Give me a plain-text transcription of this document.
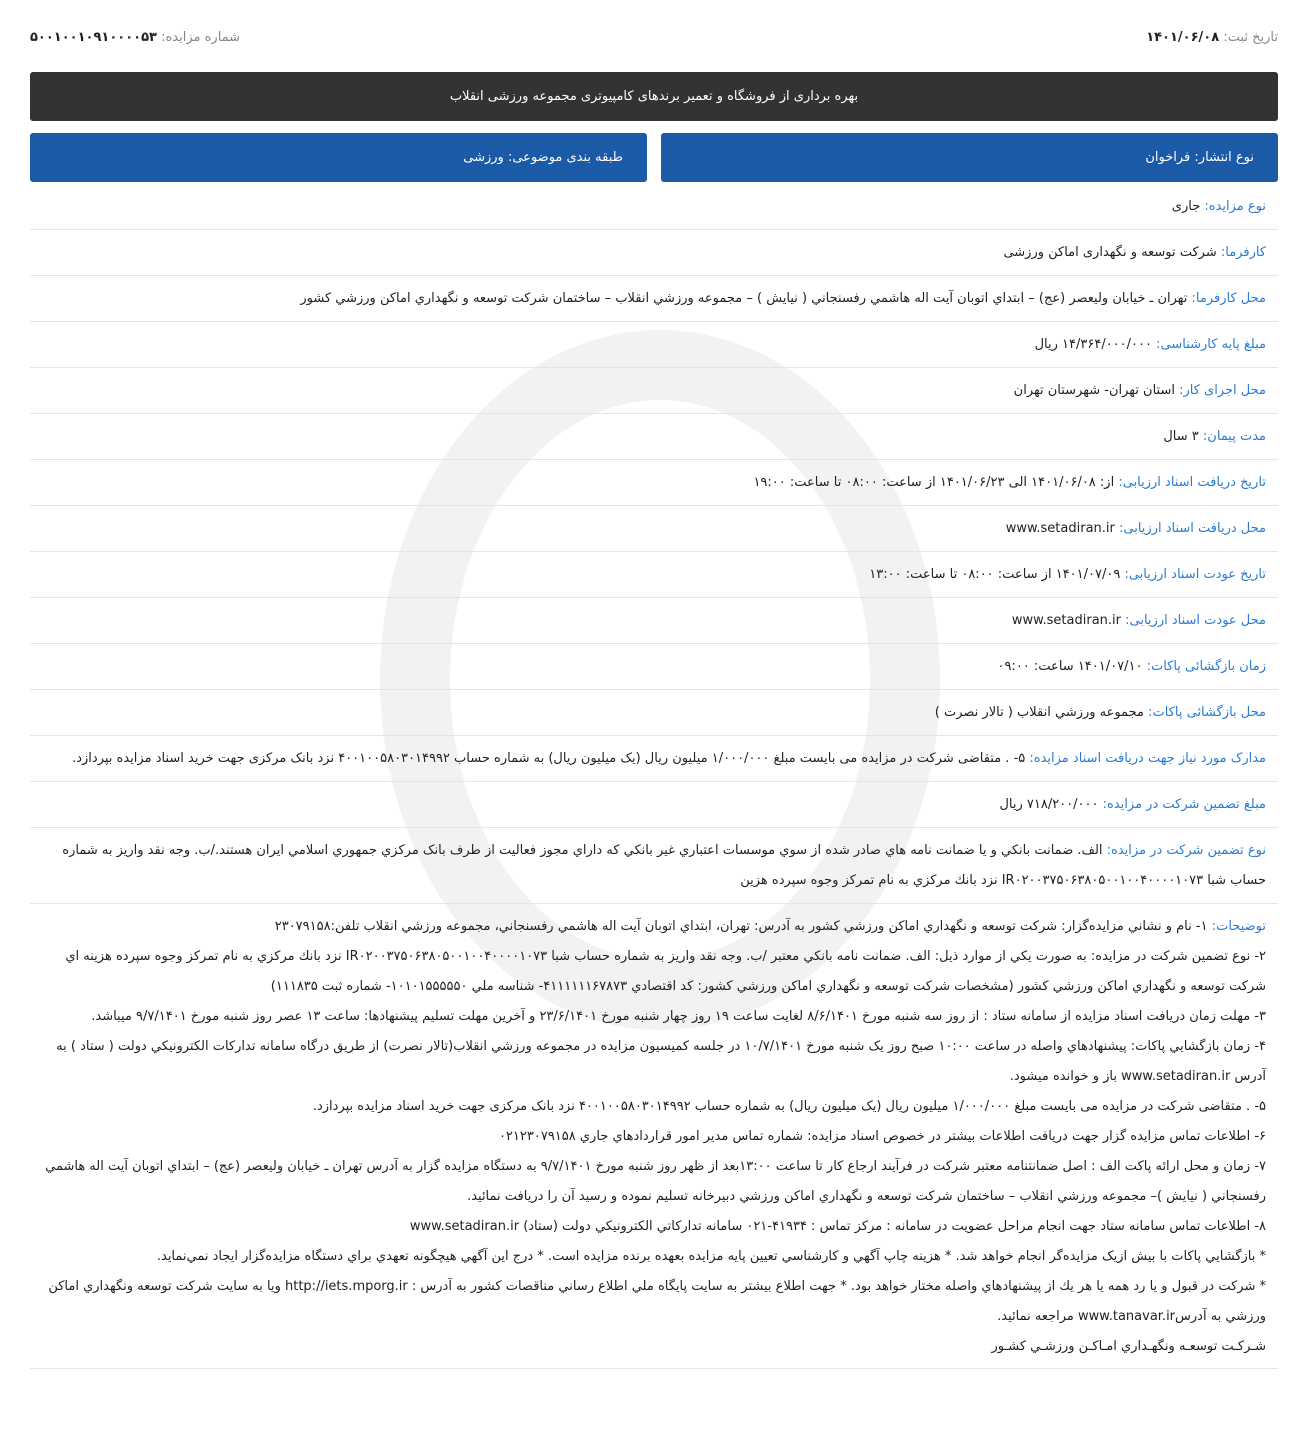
تاریخ ثبت: ۱۴۰۱/۰۶/۰۸
شماره مزایده: ۵۰۰۱۰۰۱۰۹۱۰۰۰۰۵۳
بهره برداری از فروشگاه و تعمیر برندهای کامپیوتری مجموعه ورزشی انقلاب
نوع انتشار: فراخوان
طبقه بندی موضوعی: ورزشی
نوع مزایده: جاری
کارفرما: شرکت توسعه و نگهداری اماکن ورزشی
محل کارفرما: تهران ـ خيابان وليعصر (عج) – ابتداي اتوبان آيت اله هاشمي رفسنجاني ( نيايش ) – مجموعه ورزشي انقلاب – ساختمان شرکت توسعه و نگهداري اماکن ورزشي کشور
مبلغ پایه کارشناسی: ۱۴/۳۶۴/۰۰۰/۰۰۰ ریال
محل اجرای کار: استان تهران- شهرستان تهران
مدت پیمان: ۳ سال
تاریخ دریافت اسناد ارزیابی: از: ۱۴۰۱/۰۶/۰۸ الی ۱۴۰۱/۰۶/۲۳ از ساعت: ۰۸:۰۰ تا ساعت: ۱۹:۰۰
محل دریافت اسناد ارزیابی: www.setadiran.ir
تاریخ عودت اسناد ارزیابی: ۱۴۰۱/۰۷/۰۹ از ساعت: ۰۸:۰۰ تا ساعت: ۱۳:۰۰
محل عودت اسناد ارزیابی: www.setadiran.ir
زمان بازگشائی پاکات: ۱۴۰۱/۰۷/۱۰ ساعت: ۰۹:۰۰
محل بازگشائی پاکات: مجموعه ورزشي انقلاب ( تالار نصرت )
مدارک مورد نیاز جهت دریافت اسناد مزایده: ۵- . متقاضی شرکت در مزایده می بایست مبلغ ۱/۰۰۰/۰۰۰ میلیون ریال (یک میلیون ریال) به شماره حساب ۴۰۰۱۰۰۵۸۰۳۰۱۴۹۹۲ نزد بانک مرکزی جهت خرید اسناد مزایده بپردازد.
مبلغ تضمین شرکت در مزایده: ۷۱۸/۲۰۰/۰۰۰ ریال
نوع تضمین شرکت در مزایده: الف. ضمانت بانکي و يا ضمانت نامه هاي صادر شده از سوي موسسات اعتباري غير بانکي که داراي مجوز فعاليت از طرف بانک مرکزي جمهوري اسلامي ايران هستند./ب. وجه نقد واريز به شماره حساب شبا IR۰۲۰۰۳۷۵۰۶۳۸۰۵۰۰۱۰۰۴۰۰۰۰۱۰۷۳ نزد بانك مركزي به نام تمرکز وجوه سپرده هزين

توضیحات: ۱- نام و نشاني مزايده‌گزار: شرکت توسعه و نگهداري اماکن ورزشي کشور به آدرس: تهران، ابتداي اتوبان آيت اله هاشمي رفسنجاني، مجموعه ورزشي انقلاب تلفن:۲۳۰۷۹۱۵۸

۲- نوع تضمين شرکت در مزايده: به صورت يکي از موارد ذيل: الف. ضمانت نامه بانکي معتبر /ب. وجه نقد واريز به شماره حساب شبا IR۰۲۰۰۳۷۵۰۶۳۸۰۵۰۰۱۰۰۴۰۰۰۰۱۰۷۳ نزد بانك مركزي به نام تمرکز وجوه سپرده هزينه اي شرکت توسعه و نگهداري اماکن ورزشي کشور (مشخصات شرکت توسعه و نگهداري اماکن ورزشي کشور: کد اقتصادي ۴۱۱۱۱۱۱۶۷۸۷۳- شناسه ملي ۱۰۱۰۱۵۵۵۵۵۰- شماره ثبت ۱۱۱۸۳۵)

۳- مهلت زمان دريافت اسناد مزايده از سامانه ستاد : از روز سه شنبه مورخ ۸/۶/۱۴۰۱ لغايت ساعت ۱۹ روز چهار شنبه مورخ ۲۳/۶/۱۴۰۱ و آخرين مهلت تسليم پيشنهادها: ساعت ۱۳ عصر روز شنبه مورخ ۹/۷/۱۴۰۱ ميباشد.

۴- زمان بازگشايي پاکات: پيشنهادهاي واصله در ساعت ۱۰:۰۰ صبح روز يک شنبه مورخ ۱۰/۷/۱۴۰۱ در جلسه کميسيون مزايده در مجموعه ورزشي انقلاب(تالار نصرت) از طريق درگاه سامانه تدارکات الکترونيکي دولت ( ستاد ) به آدرس www.setadiran.ir باز و خوانده ميشود.

۵- . متقاضی شرکت در مزایده می بایست مبلغ ۱/۰۰۰/۰۰۰ میلیون ریال (یک میلیون ریال) به شماره حساب ۴۰۰۱۰۰۵۸۰۳۰۱۴۹۹۲ نزد بانک مرکزی جهت خرید اسناد مزایده بپردازد.

۶- اطلاعات تماس مزايده گزار جهت دريافت اطلاعات بيشتر در خصوص اسناد مزايده: شماره تماس مدير امور قراردادهاي جاري ۰۲۱۲۳۰۷۹۱۵۸

۷- زمان و محل ارائه پاکت الف : اصل ضمانتنامه معتبر شرکت در فرآيند ارجاع کار تا ساعت ۱۳:۰۰بعد از ظهر روز شنبه مورخ ۹/۷/۱۴۰۱ به دستگاه مزايده گزار به آدرس تهران ـ خيابان وليعصر (عج) – ابتداي اتوبان آيت اله هاشمي رفسنجاني ( نيايش )– مجموعه ورزشي انقلاب – ساختمان شرکت توسعه و نگهداري اماکن ورزشي دبيرخانه تسليم نموده و رسيد آن را دريافت نمائيد.

۸- اطلاعات تماس سامانه ستاد جهت انجام مراحل عضويت در سامانه : مرکز تماس : ۴۱۹۳۴-۰۲۱ سامانه تداركاتي الكترونيكي دولت (ستاد) www.setadiran.ir

* بازگشايي پاکات با بيش ازيک مزايده‌گر انجام خواهد شد. * هزينه چاپ آگهي و کارشناسي تعيين پايه مزايده بعهده برنده مزايده است. * درج اين آگهي هيچگونه تعهدي براي دستگاه مزايده‌گزار ايجاد نمي‌نمايد.

* شرکت در قبول و يا رد همه يا هر يك از پيشنهادهاي واصله مختار خواهد بود. * جهت اطلاع بيشتر به سايت پايگاه ملي اطلاع رساني مناقصات کشور به آدرس : http://iets.mporg.ir ويا به سايت شرکت توسعه ونگهداري اماکن ورزشي به آدرسwww.tanavar.ir مراجعه نمائيد.

شـرکـت توسعـه ونگهـداري امـاکـن ورزشـي کشـور
